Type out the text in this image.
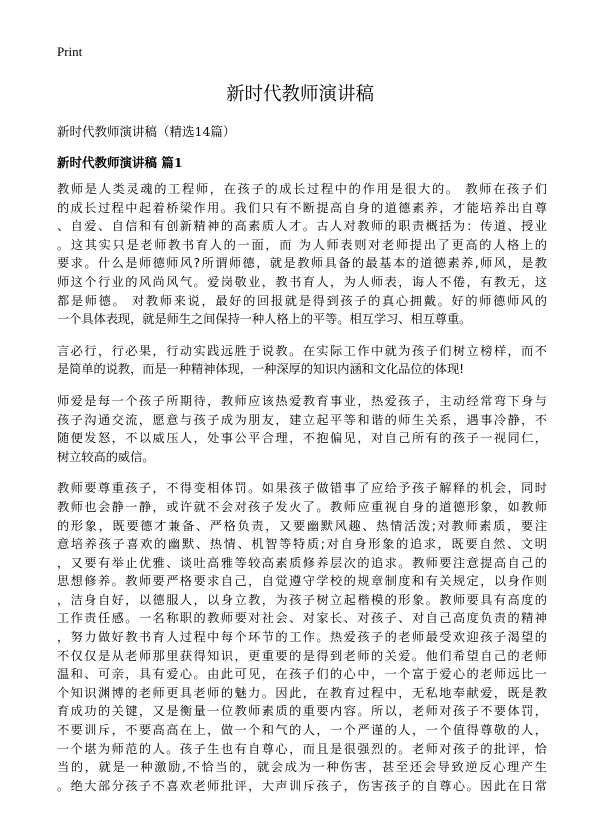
Print
新时代教师演讲稿
新时代教师演讲稿（精选14篇）
新时代教师演讲稿 篇1
教师是人类灵魂的工程师，在孩子的成长过程中的作用是很大的。 教师在孩子们
的成长过程中起着桥梁作用。我们只有不断提高自身的道德素养，才能培养出自尊
、自爱、自信和有创新精神的高素质人才。古人对教师的职责概括为：传道、授业
。这其实只是老师教书育人的一面，而 为人师表则对老师提出了更高的人格上的
要求。什么是师德师风?所谓师德，就是教师具备的最基本的道德素养,师风，是教
师这个行业的风尚风气。爱岗敬业，教书育人，为人师表，诲人不倦，有教无，这
都是师德。 对教师来说，最好的回报就是得到孩子的真心拥戴。好的师德师风的
一个具体表现，就是师生之间保持一种人格上的平等。相互学习、相互尊重。
言必行，行必果，行动实践远胜于说教。在实际工作中就为孩子们树立榜样，而不
是简单的说教，而是一种精神体现，一种深厚的知识内涵和文化品位的体现!
师爱是每一个孩子所期待，教师应该热爱教育事业，热爱孩子，主动经常弯下身与
孩子沟通交流，愿意与孩子成为朋友，建立起平等和谐的师生关系，遇事冷静，不
随便发怒，不以威压人，处事公平合理，不抱偏见，对自己所有的孩子一视同仁，
树立较高的威信。
教师要尊重孩子，不得变相体罚。如果孩子做错事了应给予孩子解释的机会，同时
教师也会静一静，或许就不会对孩子发火了。教师应重视自身的道德形象，如教师
的形象，既要德才兼备、严格负责，又要幽默风趣、热情活泼;对教师素质，要注
意培养孩子喜欢的幽默、热情、机智等特质;对自身形象的追求，既要自然、文明
，又要有举止优雅、谈吐高雅等较高素质修养层次的追求。教师要注意提高自己的
思想修养。教师要严格要求自己，自觉遵守学校的规章制度和有关规定，以身作则
，洁身自好，以德服人，以身立教，为孩子树立起楷模的形象。教师要具有高度的
工作责任感。一名称职的教师要对社会、对家长、对孩子、对自己高度负责的精神
，努力做好教书育人过程中每个环节的工作。热爱孩子的老师最受欢迎孩子渴望的
不仅仅是从老师那里获得知识，更重要的是得到老师的关爱。他们希望自己的老师
温和、可亲，具有爱心。由此可见，在孩子们的心中，一个富于爱心的老师远比一
个知识渊博的老师更具老师的魅力。因此，在教育过程中，无私地奉献爱，既是教
育成功的关键，又是衡量一位教师素质的重要内容。所以，老师对孩子不要体罚，
不要训斥，不要高高在上，做一个和气的人，一个严谨的人，一个值得尊敬的人，
一个堪为师范的人。孩子生也有自尊心，而且是很强烈的。老师对孩子的批评，恰
当的，就是一种激励,不恰当的，就会成为一种伤害，甚至还会导致逆反心理产生
。绝大部分孩子不喜欢老师批评，大声训斥孩子，伤害孩子的自尊心。因此在日常
